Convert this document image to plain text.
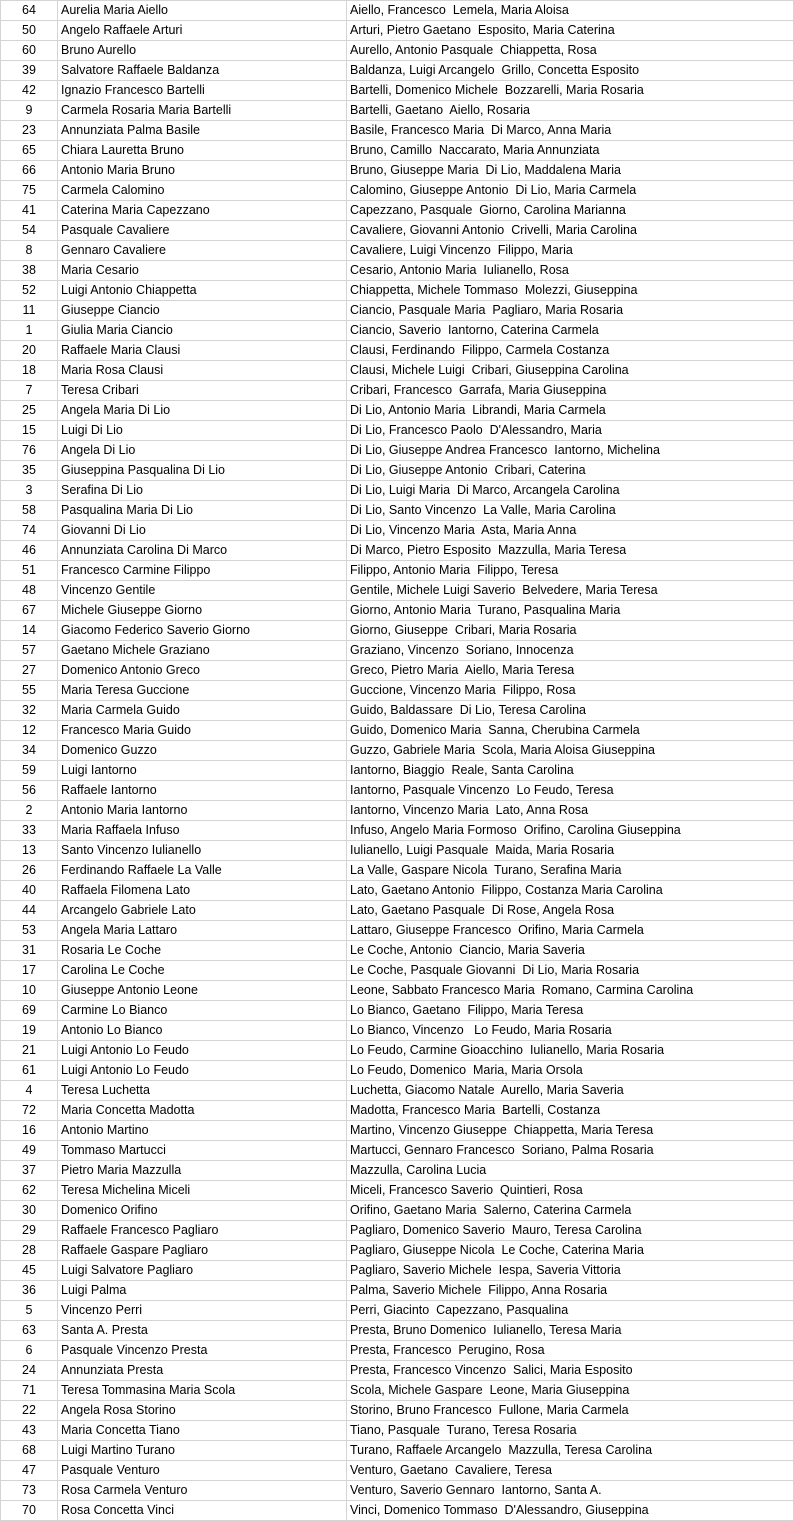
64	Aurelia Maria Aiello	Aiello, Francesco  Lemela, Maria Aloisa
50	Angelo Raffaele Arturi	Arturi, Pietro Gaetano  Esposito, Maria Caterina
60	Bruno Aurello	Aurello, Antonio Pasquale  Chiappetta, Rosa
39	Salvatore Raffaele Baldanza	Baldanza, Luigi Arcangelo  Grillo, Concetta Esposito
42	Ignazio Francesco Bartelli	Bartelli, Domenico Michele  Bozzarelli, Maria Rosaria
9	Carmela Rosaria Maria Bartelli	Bartelli, Gaetano  Aiello, Rosaria
23	Annunziata Palma Basile	Basile, Francesco Maria  Di Marco, Anna Maria
65	Chiara Lauretta Bruno	Bruno, Camillo  Naccarato, Maria Annunziata
66	Antonio Maria Bruno	Bruno, Giuseppe Maria  Di Lio, Maddalena Maria
75	Carmela Calomino	Calomino, Giuseppe Antonio  Di Lio, Maria Carmela
41	Caterina Maria Capezzano	Capezzano, Pasquale  Giorno, Carolina Marianna
54	Pasquale Cavaliere	Cavaliere, Giovanni Antonio  Crivelli, Maria Carolina
8	Gennaro Cavaliere	Cavaliere, Luigi Vincenzo  Filippo, Maria
38	Maria Cesario	Cesario, Antonio Maria  Iulianello, Rosa
52	Luigi Antonio Chiappetta	Chiappetta, Michele Tommaso  Molezzi, Giuseppina
11	Giuseppe Ciancio	Ciancio, Pasquale Maria  Pagliaro, Maria Rosaria
1	Giulia Maria Ciancio	Ciancio, Saverio  Iantorno, Caterina Carmela
20	Raffaele Maria Clausi	Clausi, Ferdinando  Filippo, Carmela Costanza
18	Maria Rosa Clausi	Clausi, Michele Luigi  Cribari, Giuseppina Carolina
7	Teresa Cribari	Cribari, Francesco  Garrafa, Maria Giuseppina
25	Angela Maria Di Lio	Di Lio, Antonio Maria  Librandi, Maria Carmela
15	Luigi Di Lio	Di Lio, Francesco Paolo  D'Alessandro, Maria
76	Angela Di Lio	Di Lio, Giuseppe Andrea Francesco  Iantorno, Michelina
35	Giuseppina Pasqualina Di Lio	Di Lio, Giuseppe Antonio  Cribari, Caterina
3	Serafina Di Lio	Di Lio, Luigi Maria  Di Marco, Arcangela Carolina
58	Pasqualina Maria Di Lio	Di Lio, Santo Vincenzo  La Valle, Maria Carolina
74	Giovanni Di Lio	Di Lio, Vincenzo Maria  Asta, Maria Anna
46	Annunziata Carolina Di Marco	Di Marco, Pietro Esposito  Mazzulla, Maria Teresa
51	Francesco Carmine Filippo	Filippo, Antonio Maria  Filippo, Teresa
48	Vincenzo Gentile	Gentile, Michele Luigi Saverio  Belvedere, Maria Teresa
67	Michele Giuseppe Giorno	Giorno, Antonio Maria  Turano, Pasqualina Maria
14	Giacomo Federico Saverio Giorno	Giorno, Giuseppe  Cribari, Maria Rosaria
57	Gaetano Michele Graziano	Graziano, Vincenzo  Soriano, Innocenza
27	Domenico Antonio Greco	Greco, Pietro Maria  Aiello, Maria Teresa
55	Maria Teresa Guccione	Guccione, Vincenzo Maria  Filippo, Rosa
32	Maria Carmela Guido	Guido, Baldassare  Di Lio, Teresa Carolina
12	Francesco Maria Guido	Guido, Domenico Maria  Sanna, Cherubina Carmela
34	Domenico Guzzo	Guzzo, Gabriele Maria  Scola, Maria Aloisa Giuseppina
59	Luigi Iantorno	Iantorno, Biaggio  Reale, Santa Carolina
56	Raffaele Iantorno	Iantorno, Pasquale Vincenzo  Lo Feudo, Teresa
2	Antonio Maria Iantorno	Iantorno, Vincenzo Maria  Lato, Anna Rosa
33	Maria Raffaela Infuso	Infuso, Angelo Maria Formoso  Orifino, Carolina Giuseppina
13	Santo Vincenzo Iulianello	Iulianello, Luigi Pasquale  Maida, Maria Rosaria
26	Ferdinando Raffaele La Valle	La Valle, Gaspare Nicola  Turano, Serafina Maria
40	Raffaela Filomena Lato	Lato, Gaetano Antonio  Filippo, Costanza Maria Carolina
44	Arcangelo Gabriele Lato	Lato, Gaetano Pasquale  Di Rose, Angela Rosa
53	Angela Maria Lattaro	Lattaro, Giuseppe Francesco  Orifino, Maria Carmela
31	Rosaria Le Coche	Le Coche, Antonio  Ciancio, Maria Saveria
17	Carolina Le Coche	Le Coche, Pasquale Giovanni  Di Lio, Maria Rosaria
10	Giuseppe Antonio Leone	Leone, Sabbato Francesco Maria  Romano, Carmina Carolina
69	Carmine Lo Bianco	Lo Bianco, Gaetano  Filippo, Maria Teresa
19	Antonio Lo Bianco	Lo Bianco, Vincenzo   Lo Feudo, Maria Rosaria
21	Luigi Antonio Lo Feudo	Lo Feudo, Carmine Gioacchino  Iulianello, Maria Rosaria
61	Luigi Antonio Lo Feudo	Lo Feudo, Domenico  Maria, Maria Orsola
4	Teresa Luchetta	Luchetta, Giacomo Natale  Aurello, Maria Saveria
72	Maria Concetta Madotta	Madotta, Francesco Maria  Bartelli, Costanza
16	Antonio Martino	Martino, Vincenzo Giuseppe  Chiappetta, Maria Teresa
49	Tommaso Martucci	Martucci, Gennaro Francesco  Soriano, Palma Rosaria
37	Pietro Maria Mazzulla	Mazzulla, Carolina Lucia
62	Teresa Michelina Miceli	Miceli, Francesco Saverio  Quintieri, Rosa
30	Domenico Orifino	Orifino, Gaetano Maria  Salerno, Caterina Carmela
29	Raffaele Francesco Pagliaro	Pagliaro, Domenico Saverio  Mauro, Teresa Carolina
28	Raffaele Gaspare Pagliaro	Pagliaro, Giuseppe Nicola  Le Coche, Caterina Maria
45	Luigi Salvatore Pagliaro	Pagliaro, Saverio Michele  Iespa, Saveria Vittoria
36	Luigi Palma	Palma, Saverio Michele  Filippo, Anna Rosaria
5	Vincenzo Perri	Perri, Giacinto  Capezzano, Pasqualina
63	Santa A. Presta	Presta, Bruno Domenico  Iulianello, Teresa Maria
6	Pasquale Vincenzo Presta	Presta, Francesco  Perugino, Rosa
24	Annunziata Presta	Presta, Francesco Vincenzo  Salici, Maria Esposito
71	Teresa Tommasina Maria Scola	Scola, Michele Gaspare  Leone, Maria Giuseppina
22	Angela Rosa Storino	Storino, Bruno Francesco  Fullone, Maria Carmela
43	Maria Concetta Tiano	Tiano, Pasquale  Turano, Teresa Rosaria
68	Luigi Martino Turano	Turano, Raffaele Arcangelo  Mazzulla, Teresa Carolina
47	Pasquale Venturo	Venturo, Gaetano  Cavaliere, Teresa
73	Rosa Carmela Venturo	Venturo, Saverio Gennaro  Iantorno, Santa A.
70	Rosa Concetta Vinci	Vinci, Domenico Tommaso  D'Alessandro, Giuseppina
